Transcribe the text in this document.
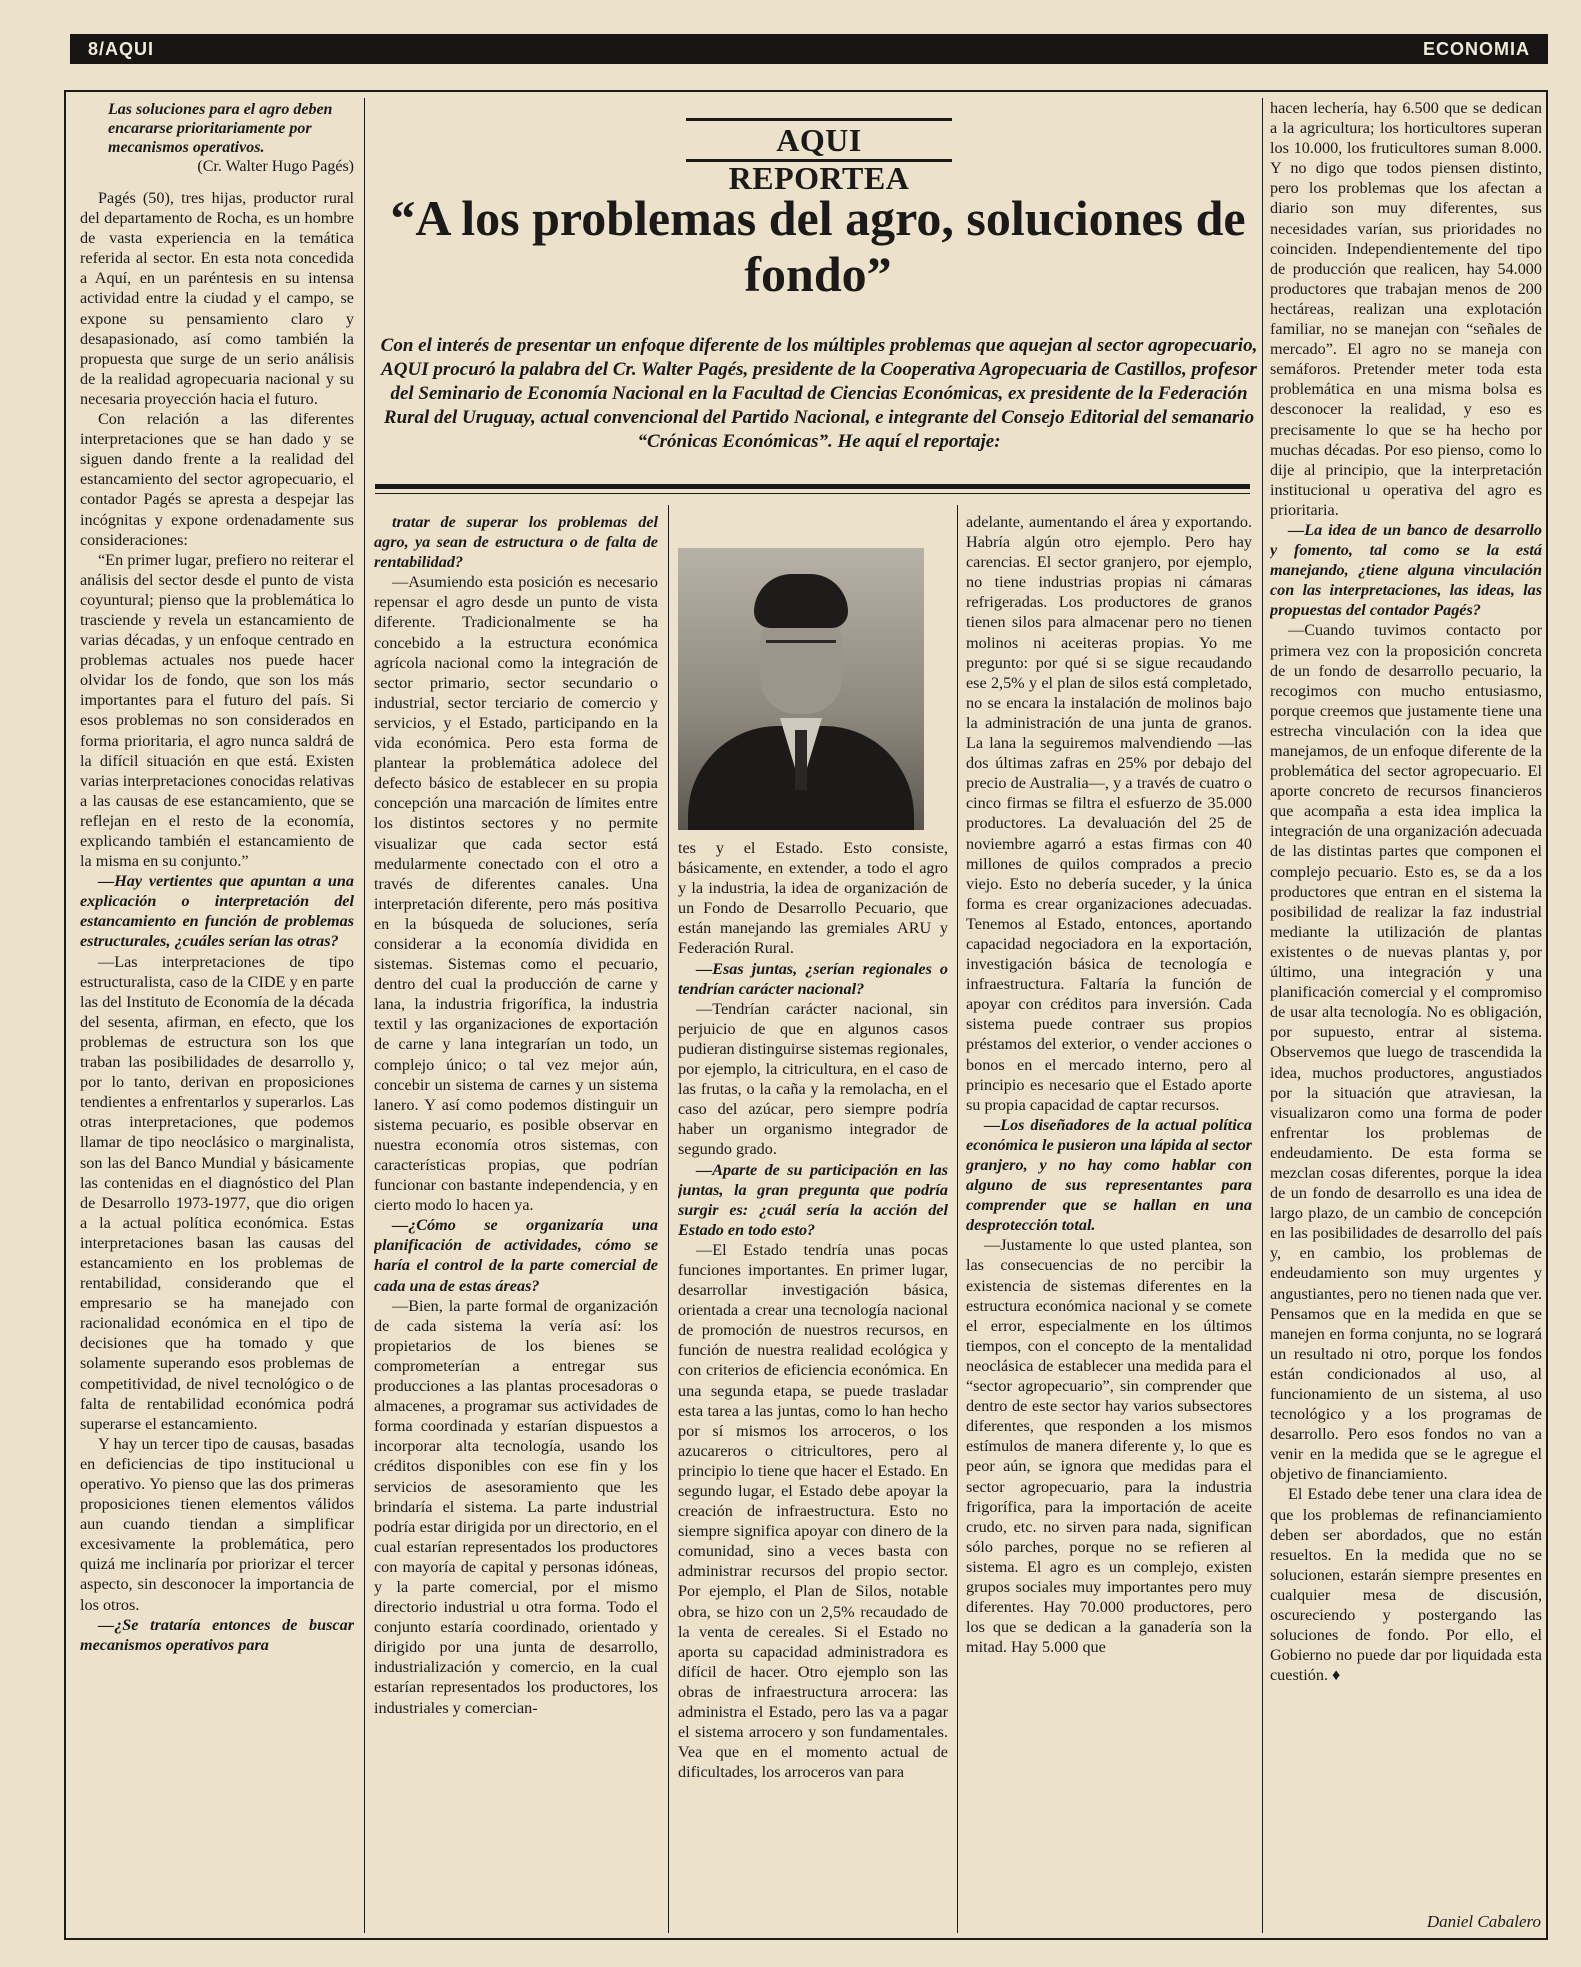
8/AQUI	ECONOMIA
Las soluciones para el agro deben encararse prioritariamente por mecanismos operativos.
(Cr. Walter Hugo Pagés)

Pagés (50), tres hijas, productor rural del departamento de Rocha, es un hombre de vasta experiencia en la temática referida al sector. En esta nota concedida a Aquí, en un paréntesis en su intensa actividad entre la ciudad y el campo, se expone su pensamiento claro y desapasionado, así como también la propuesta que surge de un serio análisis de la realidad agropecuaria nacional y su necesaria proyección hacia el futuro.

Con relación a las diferentes interpretaciones que se han dado y se siguen dando frente a la realidad del estancamiento del sector agropecuario, el contador Pagés se apresta a despejar las incógnitas y expone ordenadamente sus consideraciones:

“En primer lugar, prefiero no reiterar el análisis del sector desde el punto de vista coyuntural; pienso que la problemática lo trasciende y revela un estancamiento de varias décadas, y un enfoque centrado en problemas actuales nos puede hacer olvidar los de fondo, que son los más importantes para el futuro del país. Si esos problemas no son considerados en forma prioritaria, el agro nunca saldrá de la difícil situación en que está. Existen varias interpretaciones conocidas relativas a las causas de ese estancamiento, que se reflejan en el resto de la economía, explicando también el estancamiento de la misma en su conjunto.”

—Hay vertientes que apuntan a una explicación o interpretación del estancamiento en función de problemas estructurales, ¿cuáles serían las otras?

—Las interpretaciones de tipo estructuralista, caso de la CIDE y en parte las del Instituto de Economía de la década del sesenta, afirman, en efecto, que los problemas de estructura son los que traban las posibilidades de desarrollo y, por lo tanto, derivan en proposiciones tendientes a enfrentarlos y superarlos. Las otras interpretaciones, que podemos llamar de tipo neoclásico o marginalista, son las del Banco Mundial y básicamente las contenidas en el diagnóstico del Plan de Desarrollo 1973-1977, que dio origen a la actual política económica. Estas interpretaciones basan las causas del estancamiento en los problemas de rentabilidad, considerando que el empresario se ha manejado con racionalidad económica en el tipo de decisiones que ha tomado y que solamente superando esos problemas de competitividad, de nivel tecnológico o de falta de rentabilidad económica podrá superarse el estancamiento.

Y hay un tercer tipo de causas, basadas en deficiencias de tipo institucional u operativo. Yo pienso que las dos primeras proposiciones tienen elementos válidos aun cuando tiendan a simplificar excesivamente la problemática, pero quizá me inclinaría por priorizar el tercer aspecto, sin desconocer la importancia de los otros.

—¿Se trataría entonces de buscar mecanismos operativos para

AQUI REPORTEA
“A los problemas del agro, soluciones de fondo”
Con el interés de presentar un enfoque diferente de los múltiples problemas que aquejan al sector agropecuario, AQUI procuró la palabra del Cr. Walter Pagés, presidente de la Cooperativa Agropecuaria de Castillos, profesor del Seminario de Economía Nacional en la Facultad de Ciencias Económicas, ex presidente de la Federación Rural del Uruguay, actual convencional del Partido Nacional, e integrante del Consejo Editorial del semanario “Crónicas Económicas”. He aquí el reportaje:

tratar de superar los problemas del agro, ya sean de estructura o de falta de rentabilidad?

—Asumiendo esta posición es necesario repensar el agro desde un punto de vista diferente. Tradicionalmente se ha concebido a la estructura económica agrícola nacional como la integración de sector primario, sector secundario o industrial, sector terciario de comercio y servicios, y el Estado, participando en la vida económica. Pero esta forma de plantear la problemática adolece del defecto básico de establecer en su propia concepción una marcación de límites entre los distintos sectores y no permite visualizar que cada sector está medularmente conectado con el otro a través de diferentes canales. Una interpretación diferente, pero más positiva en la búsqueda de soluciones, sería considerar a la economía dividida en sistemas. Sistemas como el pecuario, dentro del cual la producción de carne y lana, la industria frigorífica, la industria textil y las organizaciones de exportación de carne y lana integrarían un todo, un complejo único; o tal vez mejor aún, concebir un sistema de carnes y un sistema lanero. Y así como podemos distinguir un sistema pecuario, es posible observar en nuestra economía otros sistemas, con características propias, que podrían funcionar con bastante independencia, y en cierto modo lo hacen ya.

—¿Cómo se organizaría una planificación de actividades, cómo se haría el control de la parte comercial de cada una de estas áreas?

—Bien, la parte formal de organización de cada sistema la vería así: los propietarios de los bienes se comprometerían a entregar sus producciones a las plantas procesadoras o almacenes, a programar sus actividades de forma coordinada y estarían dispuestos a incorporar alta tecnología, usando los créditos disponibles con ese fin y los servicios de asesoramiento que les brindaría el sistema. La parte industrial podría estar dirigida por un directorio, en el cual estarían representados los productores con mayoría de capital y personas idóneas, y la parte comercial, por el mismo directorio industrial u otra forma. Todo el conjunto estaría coordinado, orientado y dirigido por una junta de desarrollo, industrialización y comercio, en la cual estarían representados los productores, los industriales y comercian-

tes y el Estado. Esto consiste, básicamente, en extender, a todo el agro y la industria, la idea de organización de un Fondo de Desarrollo Pecuario, que están manejando las gremiales ARU y Federación Rural.

—Esas juntas, ¿serían regionales o tendrían carácter nacional?

—Tendrían carácter nacional, sin perjuicio de que en algunos casos pudieran distinguirse sistemas regionales, por ejemplo, la citricultura, en el caso de las frutas, o la caña y la remolacha, en el caso del azúcar, pero siempre podría haber un organismo integrador de segundo grado.

—Aparte de su participación en las juntas, la gran pregunta que podría surgir es: ¿cuál sería la acción del Estado en todo esto?

—El Estado tendría unas pocas funciones importantes. En primer lugar, desarrollar investigación básica, orientada a crear una tecnología nacional de promoción de nuestros recursos, en función de nuestra realidad ecológica y con criterios de eficiencia económica. En una segunda etapa, se puede trasladar esta tarea a las juntas, como lo han hecho por sí mismos los arroceros, o los azucareros o citricultores, pero al principio lo tiene que hacer el Estado. En segundo lugar, el Estado debe apoyar la creación de infraestructura. Esto no siempre significa apoyar con dinero de la comunidad, sino a veces basta con administrar recursos del propio sector. Por ejemplo, el Plan de Silos, notable obra, se hizo con un 2,5% recaudado de la venta de cereales. Si el Estado no aporta su capacidad administradora es difícil de hacer. Otro ejemplo son las obras de infraestructura arrocera: las administra el Estado, pero las va a pagar el sistema arrocero y son fundamentales. Vea que en el momento actual de dificultades, los arroceros van para

adelante, aumentando el área y exportando. Habría algún otro ejemplo. Pero hay carencias. El sector granjero, por ejemplo, no tiene industrias propias ni cámaras refrigeradas. Los productores de granos tienen silos para almacenar pero no tienen molinos ni aceiteras propias. Yo me pregunto: por qué si se sigue recaudando ese 2,5% y el plan de silos está completado, no se encara la instalación de molinos bajo la administración de una junta de granos. La lana la seguiremos malvendiendo —las dos últimas zafras en 25% por debajo del precio de Australia—, y a través de cuatro o cinco firmas se filtra el esfuerzo de 35.000 productores. La devaluación del 25 de noviembre agarró a estas firmas con 40 millones de quilos comprados a precio viejo. Esto no debería suceder, y la única forma es crear organizaciones adecuadas. Tenemos al Estado, entonces, aportando capacidad negociadora en la exportación, investigación básica de tecnología e infraestructura. Faltaría la función de apoyar con créditos para inversión. Cada sistema puede contraer sus propios préstamos del exterior, o vender acciones o bonos en el mercado interno, pero al principio es necesario que el Estado aporte su propia capacidad de captar recursos.

—Los diseñadores de la actual política económica le pusieron una lápida al sector granjero, y no hay como hablar con alguno de sus representantes para comprender que se hallan en una desprotección total.

—Justamente lo que usted plantea, son las consecuencias de no percibir la existencia de sistemas diferentes en la estructura económica nacional y se comete el error, especialmente en los últimos tiempos, con el concepto de la mentalidad neoclásica de establecer una medida para el “sector agropecuario”, sin comprender que dentro de este sector hay varios subsectores diferentes, que responden a los mismos estímulos de manera diferente y, lo que es peor aún, se ignora que medidas para el sector agropecuario, para la industria frigorífica, para la importación de aceite crudo, etc. no sirven para nada, significan sólo parches, porque no se refieren al sistema. El agro es un complejo, existen grupos sociales muy importantes pero muy diferentes. Hay 70.000 productores, pero los que se dedican a la ganadería son la mitad. Hay 5.000 que

hacen lechería, hay 6.500 que se dedican a la agricultura; los horticultores superan los 10.000, los fruticultores suman 8.000. Y no digo que todos piensen distinto, pero los problemas que los afectan a diario son muy diferentes, sus necesidades varían, sus prioridades no coinciden. Independientemente del tipo de producción que realicen, hay 54.000 productores que trabajan menos de 200 hectáreas, realizan una explotación familiar, no se manejan con “señales de mercado”. El agro no se maneja con semáforos. Pretender meter toda esta problemática en una misma bolsa es desconocer la realidad, y eso es precisamente lo que se ha hecho por muchas décadas. Por eso pienso, como lo dije al principio, que la interpretación institucional u operativa del agro es prioritaria.

—La idea de un banco de desarrollo y fomento, tal como se la está manejando, ¿tiene alguna vinculación con las interpretaciones, las ideas, las propuestas del contador Pagés?

—Cuando tuvimos contacto por primera vez con la proposición concreta de un fondo de desarrollo pecuario, la recogimos con mucho entusiasmo, porque creemos que justamente tiene una estrecha vinculación con la idea que manejamos, de un enfoque diferente de la problemática del sector agropecuario. El aporte concreto de recursos financieros que acompaña a esta idea implica la integración de una organización adecuada de las distintas partes que componen el complejo pecuario. Esto es, se da a los productores que entran en el sistema la posibilidad de realizar la faz industrial mediante la utilización de plantas existentes o de nuevas plantas y, por último, una integración y una planificación comercial y el compromiso de usar alta tecnología. No es obligación, por supuesto, entrar al sistema. Observemos que luego de trascendida la idea, muchos productores, angustiados por la situación que atraviesan, la visualizaron como una forma de poder enfrentar los problemas de endeudamiento. De esta forma se mezclan cosas diferentes, porque la idea de un fondo de desarrollo es una idea de largo plazo, de un cambio de concepción en las posibilidades de desarrollo del país y, en cambio, los problemas de endeudamiento son muy urgentes y angustiantes, pero no tienen nada que ver. Pensamos que en la medida en que se manejen en forma conjunta, no se logrará un resultado ni otro, porque los fondos están condicionados al uso, al funcionamiento de un sistema, al uso tecnológico y a los programas de desarrollo. Pero esos fondos no van a venir en la medida que se le agregue el objetivo de financiamiento.

El Estado debe tener una clara idea de que los problemas de refinanciamiento deben ser abordados, que no están resueltos. En la medida que no se solucionen, estarán siempre presentes en cualquier mesa de discusión, oscureciendo y postergando las soluciones de fondo. Por ello, el Gobierno no puede dar por liquidada esta cuestión. ♦

Daniel Cabalero
